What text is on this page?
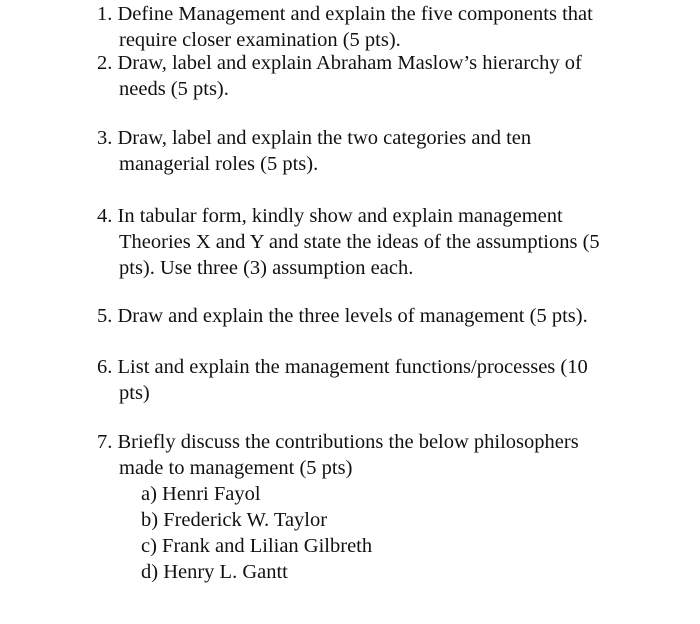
1. Define Management and explain the five components that
require closer examination (5 pts).
2. Draw, label and explain Abraham Maslow’s hierarchy of
needs (5 pts).
3. Draw, label and explain the two categories and ten
managerial roles (5 pts).
4. In tabular form, kindly show and explain management
Theories X and Y and state the ideas of the assumptions (5
pts). Use three (3) assumption each.
5. Draw and explain the three levels of management (5 pts).
6. List and explain the management functions/processes (10
pts)
7. Briefly discuss the contributions the below philosophers
made to management (5 pts)
a) Henri Fayol
b) Frederick W. Taylor
c) Frank and Lilian Gilbreth
d) Henry L. Gantt
